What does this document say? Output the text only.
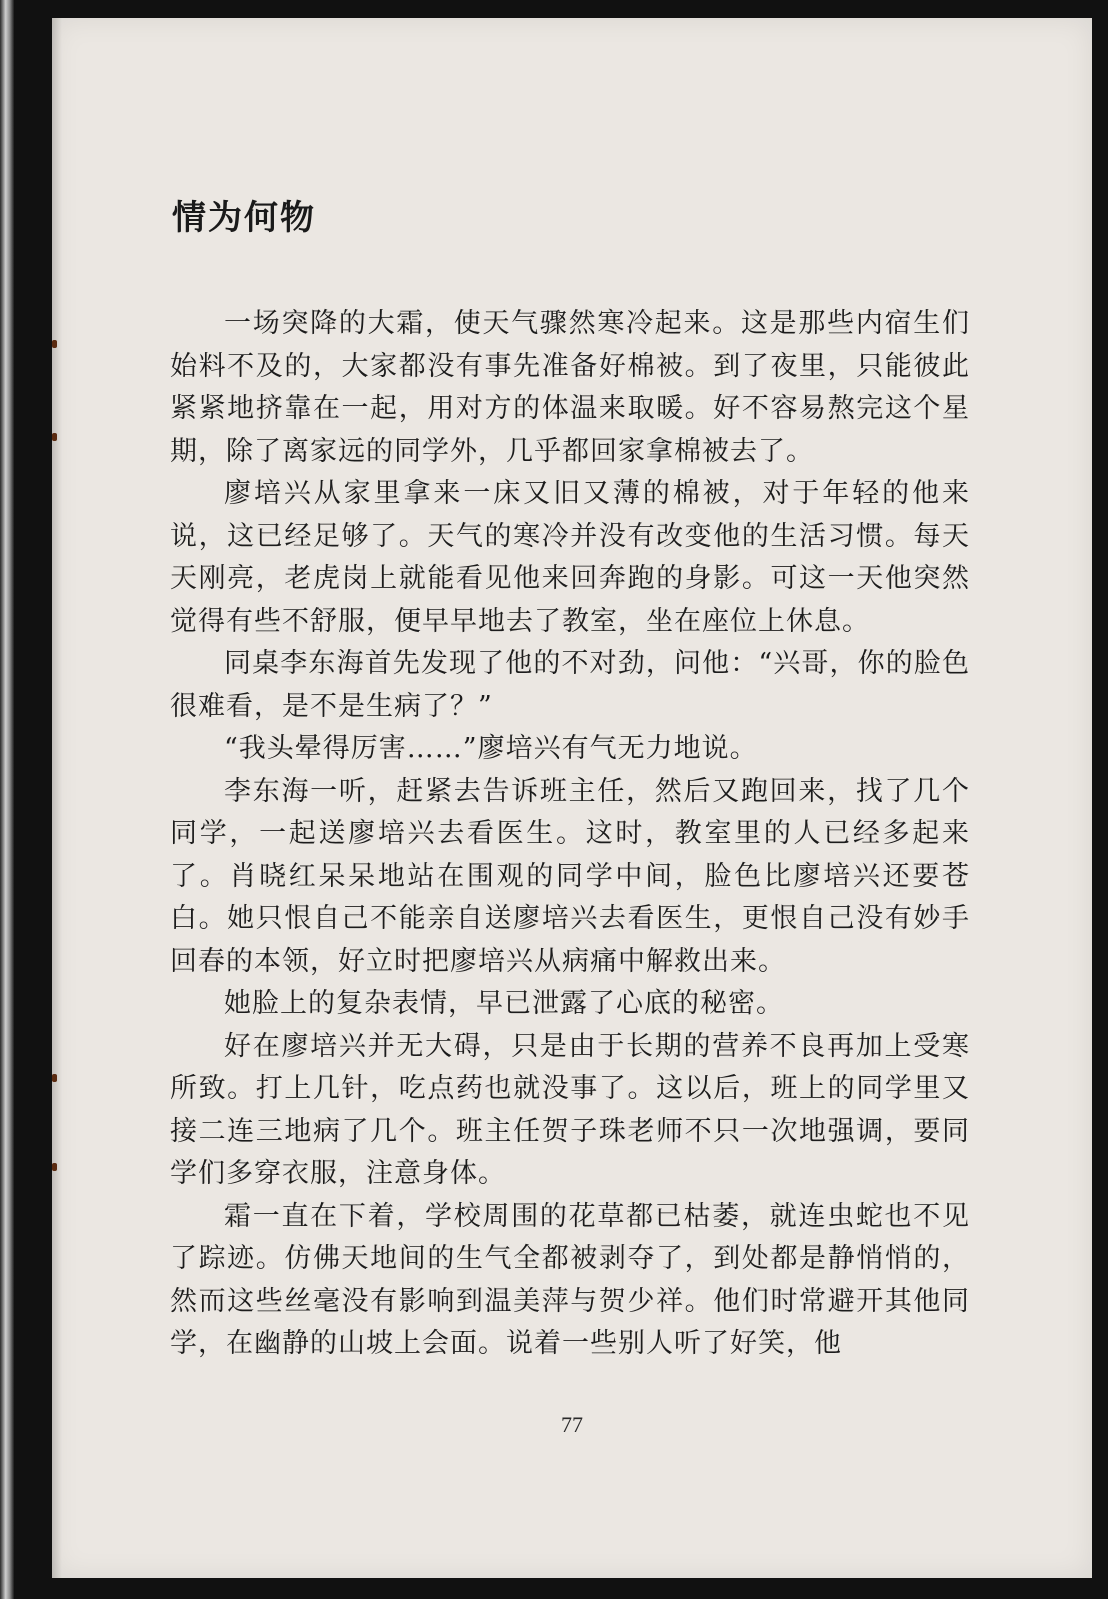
情为何物

一场突降的大霜，使天气骤然寒冷起来。这是那些内宿生们始料不及的，大家都没有事先准备好棉被。到了夜里，只能彼此紧紧地挤靠在一起，用对方的体温来取暖。好不容易熬完这个星期，除了离家远的同学外，几乎都回家拿棉被去了。

廖培兴从家里拿来一床又旧又薄的棉被，对于年轻的他来说，这已经足够了。天气的寒冷并没有改变他的生活习惯。每天天刚亮，老虎岗上就能看见他来回奔跑的身影。可这一天他突然觉得有些不舒服，便早早地去了教室，坐在座位上休息。

同桌李东海首先发现了他的不对劲，问他：“兴哥，你的脸色很难看，是不是生病了？”

“我头晕得厉害……”廖培兴有气无力地说。

李东海一听，赶紧去告诉班主任，然后又跑回来，找了几个同学，一起送廖培兴去看医生。这时，教室里的人已经多起来了。肖晓红呆呆地站在围观的同学中间，脸色比廖培兴还要苍白。她只恨自己不能亲自送廖培兴去看医生，更恨自己没有妙手回春的本领，好立时把廖培兴从病痛中解救出来。

她脸上的复杂表情，早已泄露了心底的秘密。

好在廖培兴并无大碍，只是由于长期的营养不良再加上受寒所致。打上几针，吃点药也就没事了。这以后，班上的同学里又接二连三地病了几个。班主任贺子珠老师不只一次地强调，要同学们多穿衣服，注意身体。

霜一直在下着，学校周围的花草都已枯萎，就连虫蛇也不见了踪迹。仿佛天地间的生气全都被剥夺了，到处都是静悄悄的，然而这些丝毫没有影响到温美萍与贺少祥。他们时常避开其他同学，在幽静的山坡上会面。说着一些别人听了好笑，他

77
